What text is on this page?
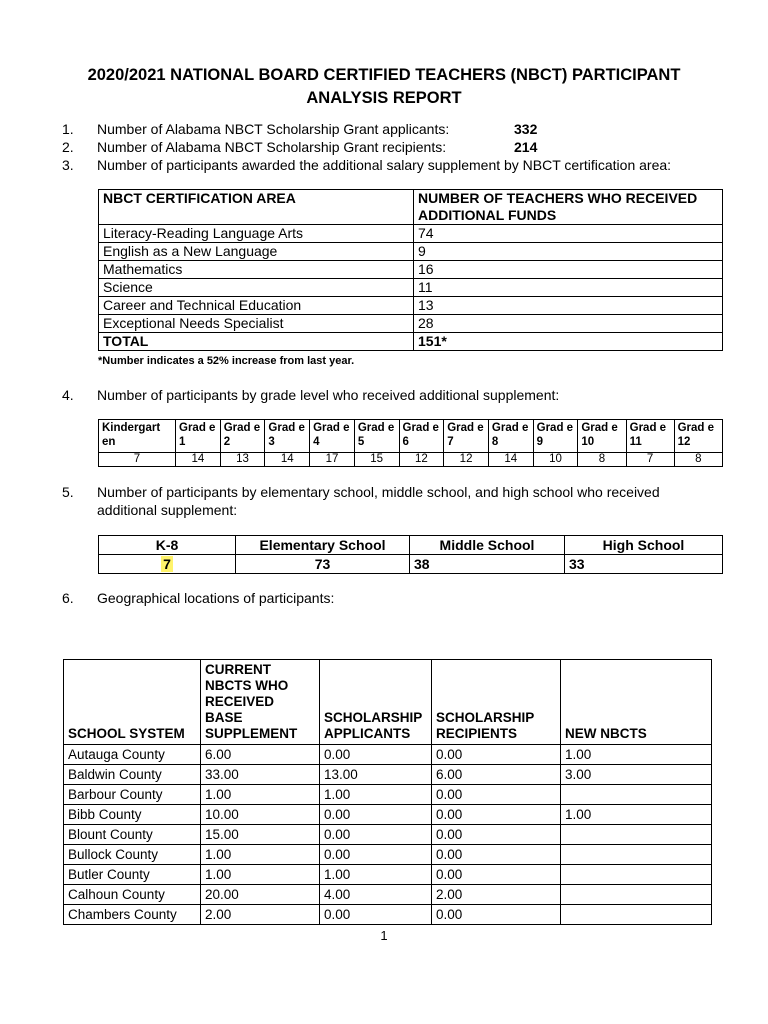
2020/2021 NATIONAL BOARD CERTIFIED TEACHERS (NBCT) PARTICIPANT ANALYSIS REPORT
1. Number of Alabama NBCT Scholarship Grant applicants:	332
2. Number of Alabama NBCT Scholarship Grant recipients:	214
3. Number of participants awarded the additional salary supplement by NBCT certification area:
NBCT CERTIFICATION AREA	NUMBER OF TEACHERS WHO RECEIVED ADDITIONAL FUNDS
Literacy-Reading Language Arts	74
English as a New Language	9
Mathematics	16
Science	11
Career and Technical Education	13
Exceptional Needs Specialist	28
TOTAL	151*
*Number indicates a 52% increase from last year.
4. Number of participants by grade level who received additional supplement:
Kindergart en	Grad e 1	Grad e 2	Grad e 3	Grad e 4	Grad e 5	Grad e 6	Grad e 7	Grad e 8	Grad e 9	Grad e 10	Grad e 11	Grad e 12
7	14	13	14	17	15	12	12	14	10	8	7	8
5.	Number of participants by elementary school, middle school, and high school who received additional supplement:
K-8	Elementary School	Middle School	High School
7	73	38	33
6. Geographical locations of participants:
SCHOOL SYSTEM	CURRENT NBCTS WHO RECEIVED BASE SUPPLEMENT	SCHOLARSHIP APPLICANTS	SCHOLARSHIP RECIPIENTS	NEW NBCTS
Autauga County	6.00	0.00	0.00	1.00
Baldwin County	33.00	13.00	6.00	3.00
Barbour County	1.00	1.00	0.00	
Bibb County	10.00	0.00	0.00	1.00
Blount County	15.00	0.00	0.00	
Bullock County	1.00	0.00	0.00	
Butler County	1.00	1.00	0.00	
Calhoun County	20.00	4.00	2.00	
Chambers County	2.00	0.00	0.00	
1
